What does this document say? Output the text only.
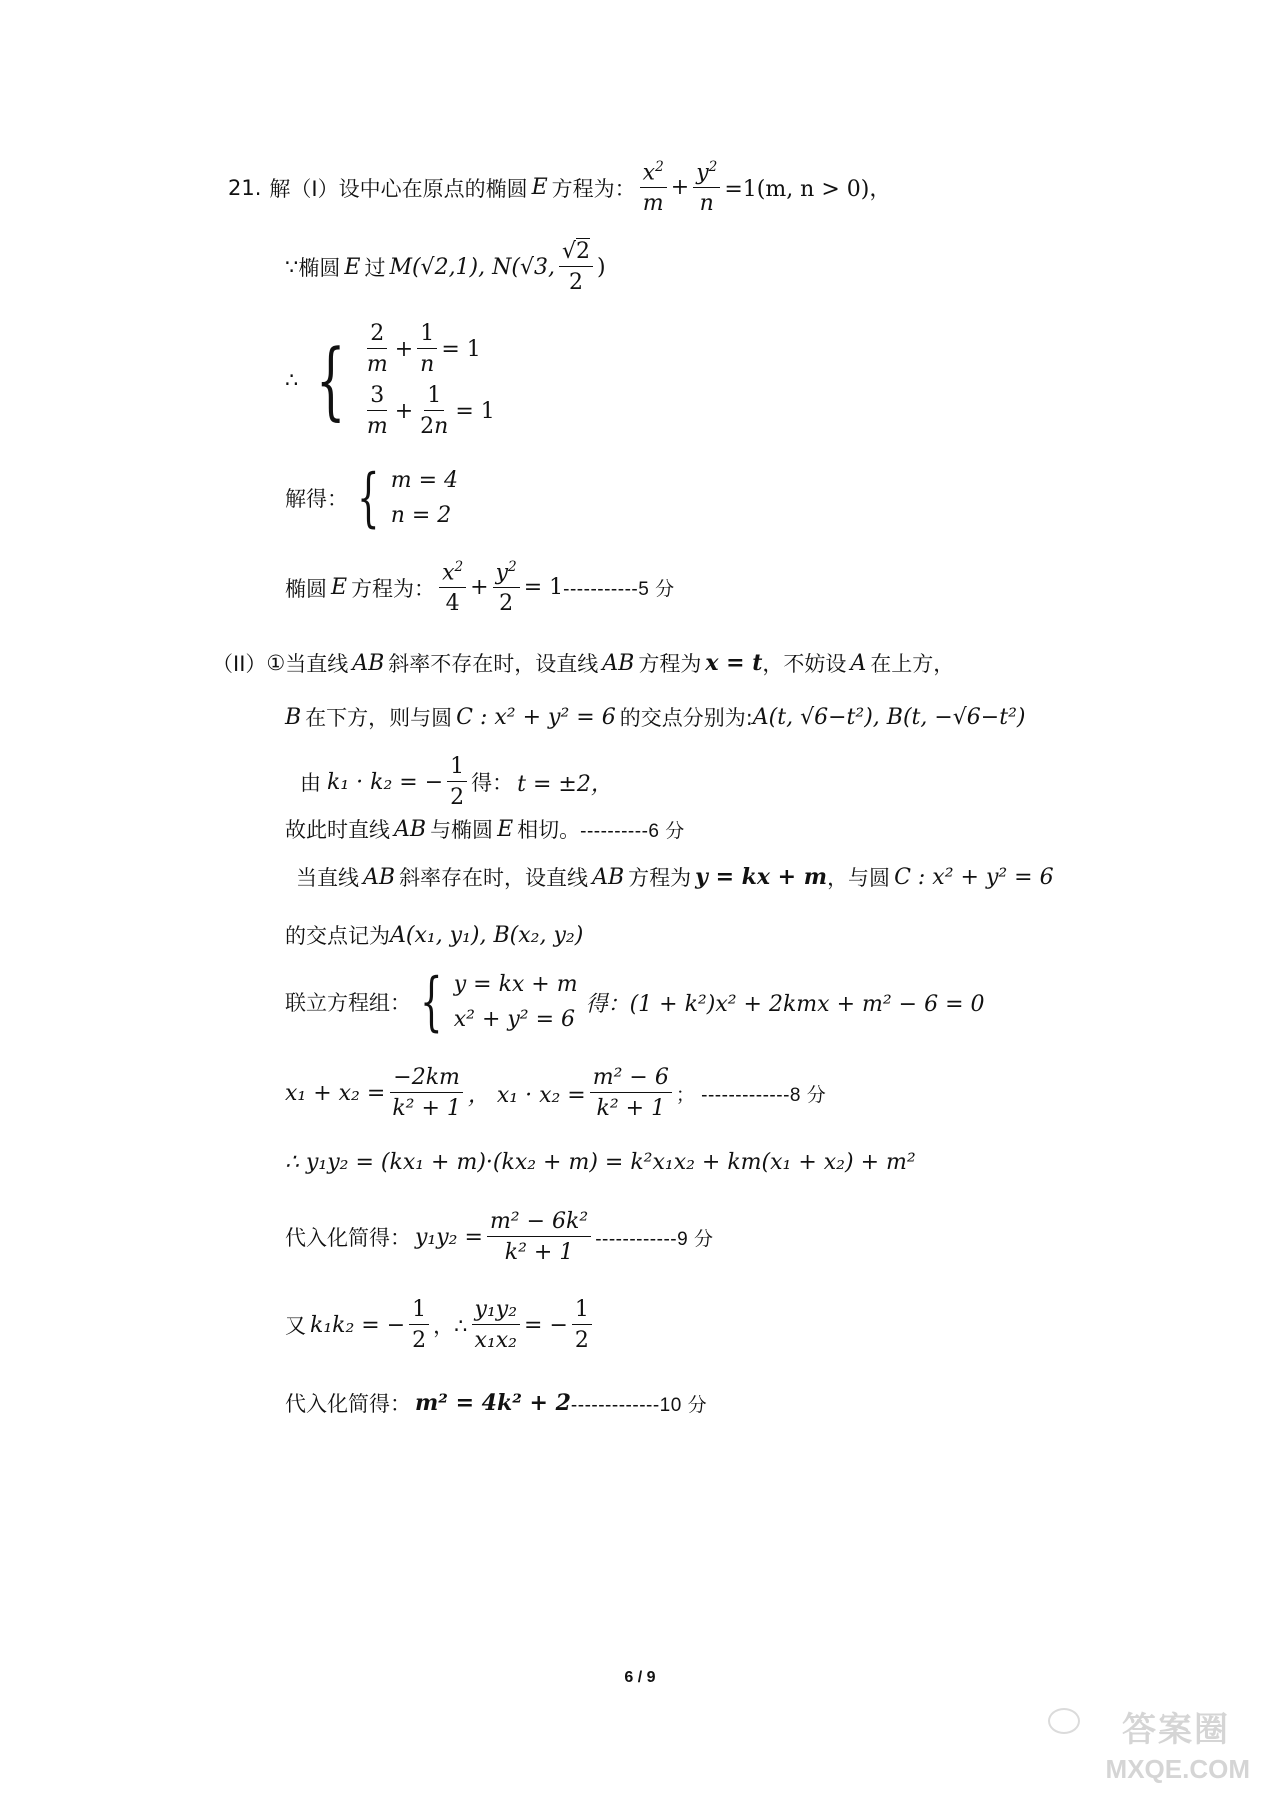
21. 解 （I） 设中心在原点的椭圆 E 方程为： $\frac{x^2}{m} + \frac{y^2}{n} =1(m$, n > 0)，
∵ 椭圆 E 过 M(√2,1), N(√3, $\frac{√2}{2}$ )
∴ { $\frac{2}{m} + \frac{1}{n} = 1$
$\frac{3}{m} + \frac{1}{2n} = 1$
解得： { m = 4
n = 2
椭圆 E 方程为： $\frac{x^2}{4} + \frac{y^2}{2} = 1$ -----------5 分
（II） ① 当直线 AB 斜率不存在时，设直线 AB 方程为 x = t ，不妨设 A 在上方，
B 在下方，则与圆 C : x² + y² = 6 的交点分别为: A(t, √6−t²), B(t, −√6−t²)
由 k₁ · k₂ = − $\frac{1}{2}$ 得： t = ±2，
故此时直线 AB 与椭圆 E 相切。 ----------6 分
当直线 AB 斜率存在时，设直线 AB 方程为 y = kx + m ，与圆 C : x² + y² = 6
的交点记为 A(x₁, y₁), B(x₂, y₂)
联立方程组： { y = kx + m
x² + y² = 6
得：(1 + k²)x² + 2kmx + m² − 6 = 0
$x_1 + x_2 = \frac{-2km}{\text{k² + 1}}$ ， $x_1 \cdot x_2 = \frac{\text{m² − 6}}{\text{k² + 1}}$ ； -------------8 分
∴ y₁y₂ = (kx₁ + m)·(kx₂ + m) = k²x₁x₂ + km(x₁ + x₂) + m²
代入化简得： $y_1y_2 = \frac{\text{m² − 6k²}}{\text{k² + 1}} ------------9$ 分
又 k₁k₂ = − $\frac{1}{2}$ ，∴ $\frac{\text{y₁y₂}}{\text{x₁x₂}}$ = − $\frac{1}{2}$
代入化简得： m² = 4k² + 2 -------------10 分
6 / 9
答案圈
MXQE.COM
